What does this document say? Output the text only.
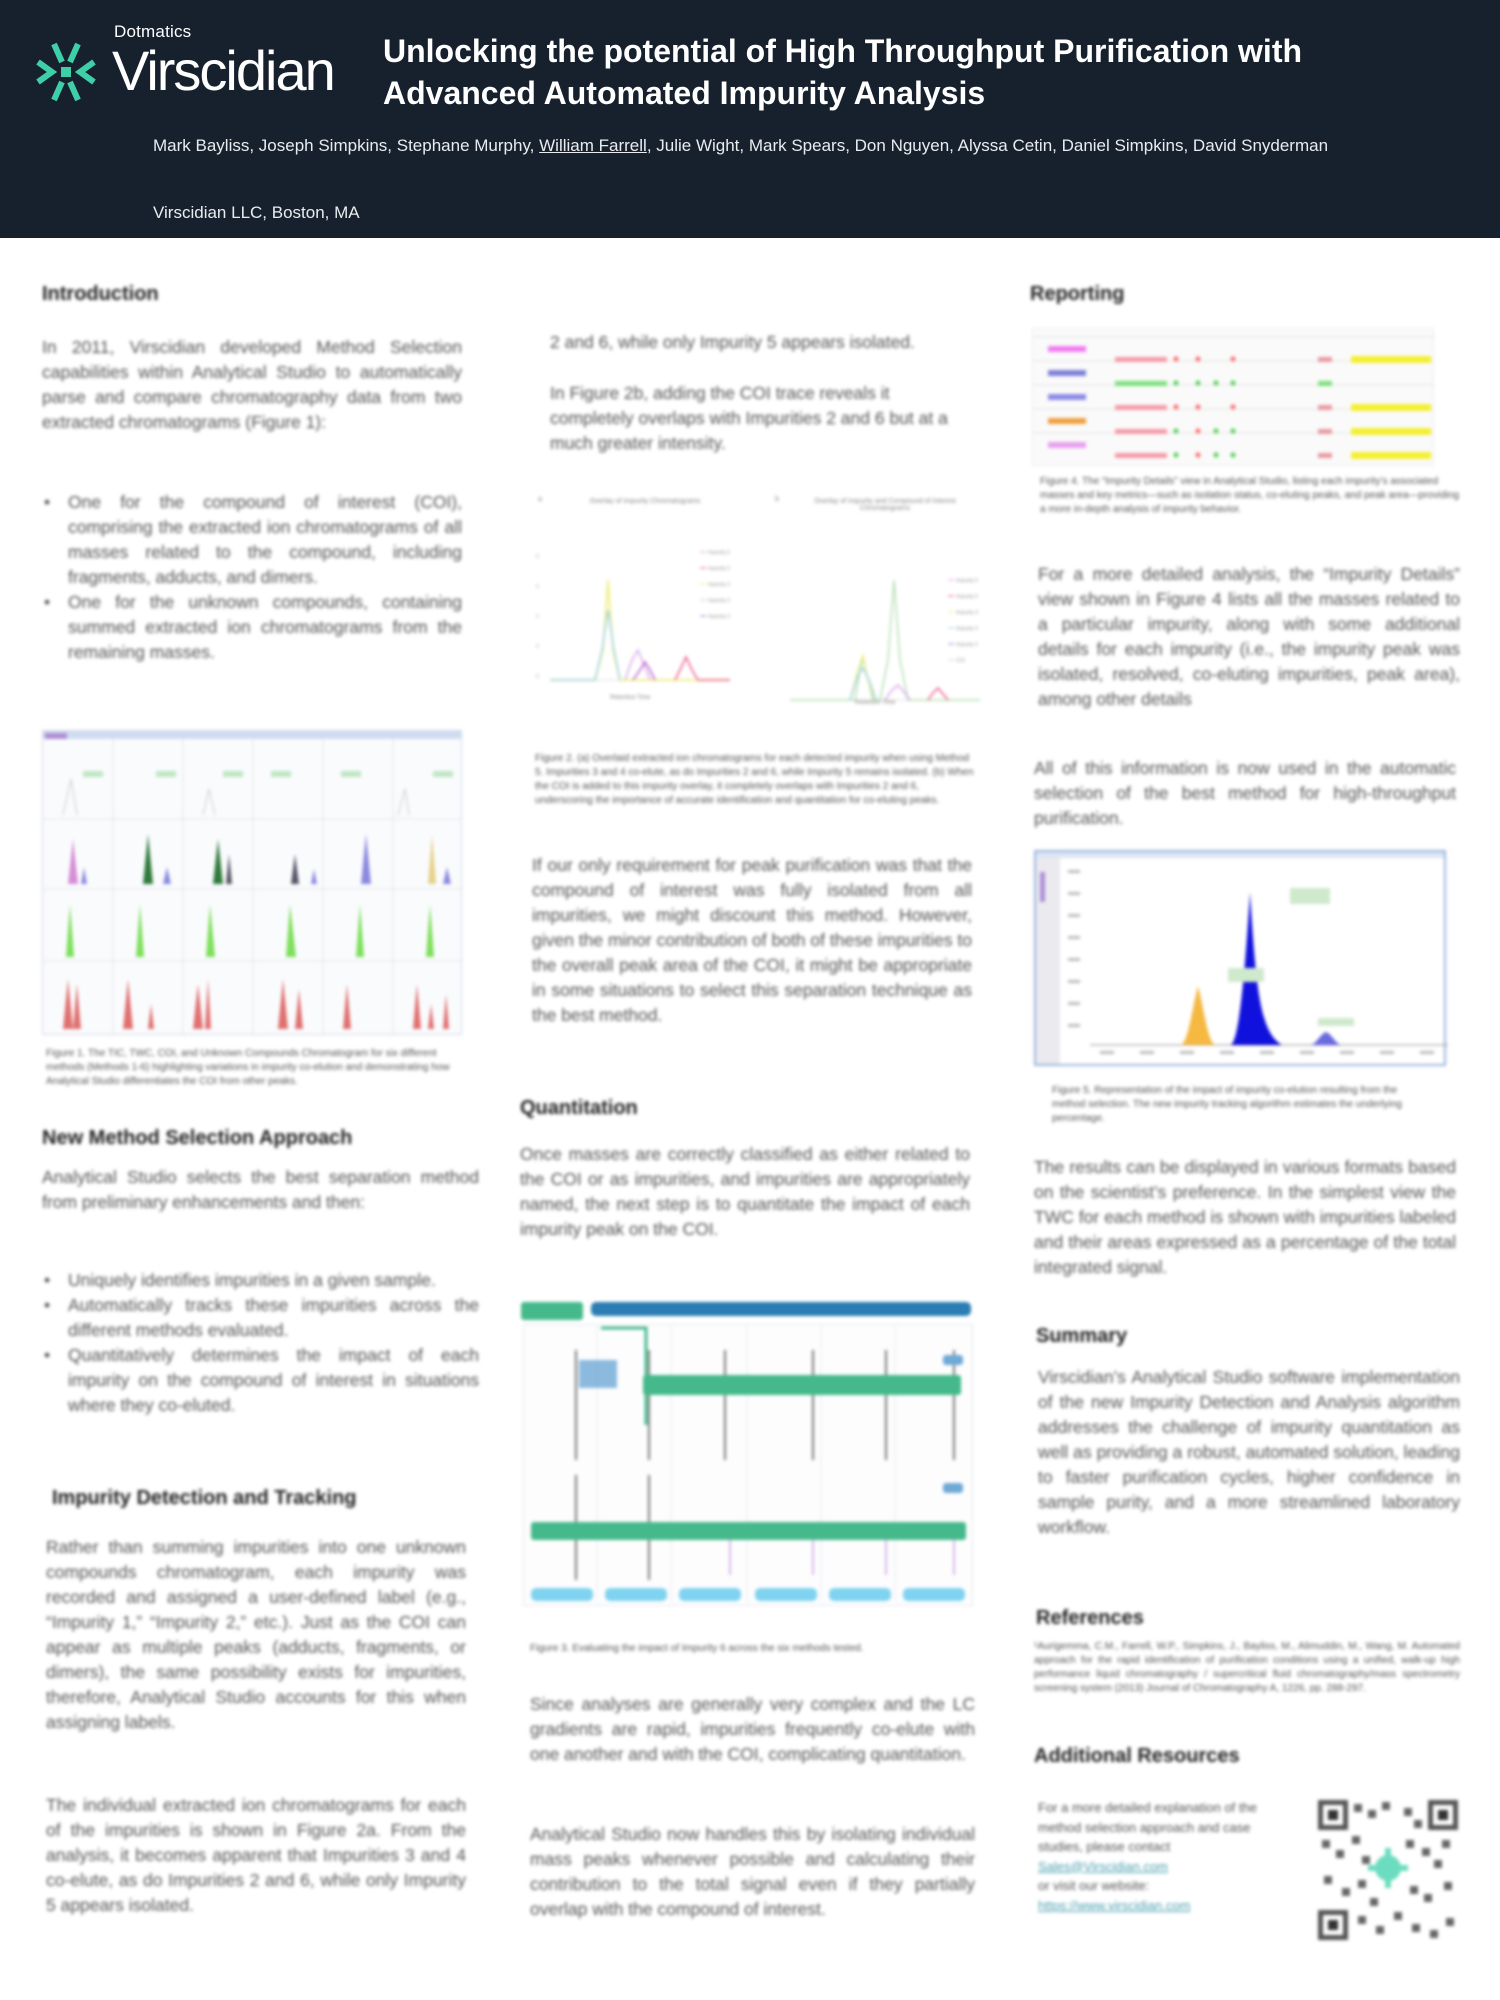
Dotmatics
Virscidian Unlocking the potential of High Throughput Purification with Advanced Automated Impurity Analysis
Mark Bayliss, Joseph Simpkins, Stephane Murphy, William Farrell, Julie Wight, Mark Spears, Don Nguyen, Alyssa Cetin, Daniel Simpkins, David Snyderman
Virscidian LLC, Boston, MA
Introduction
In 2011, Virscidian developed Method Selection capabilities within Analytical Studio to automatically parse and compare chromatography data from two extracted chromatograms (Figure 1):
• One for the compound of interest (COI), comprising the extracted ion chromatograms of all masses related to the compound, including fragments, adducts, and dimers.
• One for the unknown compounds, containing summed extracted ion chromatograms from the remaining masses.
Figure 1. The TIC, TWC, COI, and Unknown Compounds Chromatogram for six different methods (Methods 1-6) highlighting variations in impurity co-elution and demonstrating how Analytical Studio differentiates the COI from other peaks.
New Method Selection Approach
Analytical Studio selects the best separation method from preliminary enhancements and then:
• Uniquely identifies impurities in a given sample.
• Automatically tracks these impurities across the different methods evaluated.
• Quantitatively determines the impact of each impurity on the compound of interest in situations where they co-eluted.
Impurity Detection and Tracking
Rather than summing impurities into one unknown compounds chromatogram, each impurity was recorded and assigned a user-defined label (e.g., “Impurity 1,” “Impurity 2,” etc.). Just as the COI can appear as multiple peaks (adducts, fragments, or dimers), the same possibility exists for impurities, therefore, Analytical Studio accounts for this when assigning labels.
The individual extracted ion chromatograms for each of the impurities is shown in Figure 2a. From the analysis, it becomes apparent that Impurities 3 and 4 co-elute, as do Impurities 2 and 6, while only Impurity 5 appears isolated.
2 and 6, while only Impurity 5 appears isolated.
In Figure 2b, adding the COI trace reveals it completely overlaps with Impurities 2 and 6 but at a much greater intensity.
a	Overlay of Impurity Chromatograms
0
0
0
0
0
Impurity 6
Impurity 5
Impurity 4
Impurity 3
Impurity 2
Retention Time
b	Overlay of Impurity and Compound of Interest Chromatograms
Impurity 6
Impurity 5
Impurity 4
Impurity 3
Impurity 2
COI
Retention Time
Figure 2. (a) Overlaid extracted ion chromatograms for each detected impurity when using Method 5. Impurities 3 and 4 co-elute, as do Impurities 2 and 6, while Impurity 5 remains isolated. (b) When the COI is added to this impurity overlay, it completely overlaps with Impurities 2 and 6, underscoring the importance of accurate identification and quantitation for co-eluting peaks.
If our only requirement for peak purification was that the compound of interest was fully isolated from all impurities, we might discount this method. However, given the minor contribution of both of these impurities to the overall peak area of the COI, it might be appropriate in some situations to select this separation technique as the best method.
Quantitation
Once masses are correctly classified as either related to the COI or as impurities, and impurities are appropriately named, the next step is to quantitate the impact of each impurity peak on the COI.
Figure 3. Evaluating the impact of Impurity 6 across the six methods tested.
Since analyses are generally very complex and the LC gradients are rapid, impurities frequently co-elute with one another and with the COI, complicating quantitation.
Analytical Studio now handles this by isolating individual mass peaks whenever possible and calculating their contribution to the total signal even if they partially overlap with the compound of interest.
Reporting
Figure 4. The “Impurity Details” view in Analytical Studio, listing each impurity’s associated masses and key metrics—such as isolation status, co-eluting peaks, and peak area—providing a more in-depth analysis of impurity behavior.
For a more detailed analysis, the “Impurity Details” view shown in Figure 4 lists all the masses related to a particular impurity, along with some additional details for each impurity (i.e., the impurity peak was isolated, resolved, co-eluting impurities, peak area), among other details
All of this information is now used in the automatic selection of the best method for high-throughput purification.
Figure 5. Representation of the impact of impurity co-elution resulting from the method selection. The new impurity tracking algorithm estimates the underlying percentage.
The results can be displayed in various formats based on the scientist’s preference. In the simplest view the TWC for each method is shown with impurities labeled and their areas expressed as a percentage of the total integrated signal.
Summary
Virscidian’s Analytical Studio software implementation of the new Impurity Detection and Analysis algorithm addresses the challenge of impurity quantitation as well as providing a robust, automated solution, leading to faster purification cycles, higher confidence in sample purity, and a more streamlined laboratory workflow.
References
¹Aurigemma, C.M., Farrell, W.P., Simpkins, J., Bayliss, M., Alimuddin, M., Wang, M. Automated approach for the rapid identification of purification conditions using a unified, walk-up high performance liquid chromatography / supercritical fluid chromatography/mass spectrometry screening system (2013) Journal of Chromatography A, 1226, pp. 288-297.
Additional Resources
For a more detailed explanation of the method selection approach and case studies, please contact
Sales@Virscidian.com
or visit our website:
https://www.virscidian.com
